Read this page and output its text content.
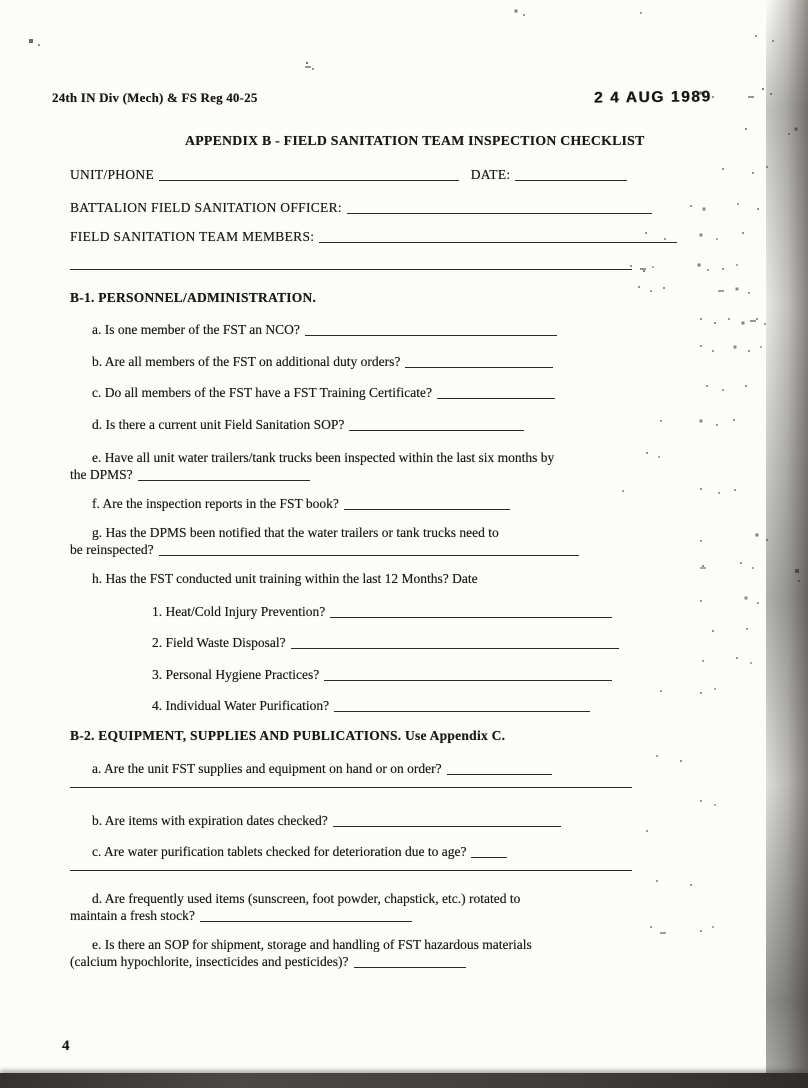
24th IN Div (Mech) & FS Reg 40-25	2 4 AUG 1989
APPENDIX B - FIELD SANITATION TEAM INSPECTION CHECKLIST
UNIT/PHONE	DATE:
BATTALION FIELD SANITATION OFFICER:
FIELD SANITATION TEAM MEMBERS:
B-1. PERSONNEL/ADMINISTRATION.
a. Is one member of the FST an NCO?
b. Are all members of the FST on additional duty orders?
c. Do all members of the FST have a FST Training Certificate?
d. Is there a current unit Field Sanitation SOP?
e. Have all unit water trailers/tank trucks been inspected within the last six months by
the DPMS?
f. Are the inspection reports in the FST book?
g. Has the DPMS been notified that the water trailers or tank trucks need to
be reinspected?
h. Has the FST conducted unit training within the last 12 Months? Date
1. Heat/Cold Injury Prevention?
2. Field Waste Disposal?
3. Personal Hygiene Practices?
4. Individual Water Purification?
B-2. EQUIPMENT, SUPPLIES AND PUBLICATIONS. Use Appendix C.
a. Are the unit FST supplies and equipment on hand or on order?
b. Are items with expiration dates checked?
c. Are water purification tablets checked for deterioration due to age?
d. Are frequently used items (sunscreen, foot powder, chapstick, etc.) rotated to
maintain a fresh stock?
e. Is there an SOP for shipment, storage and handling of FST hazardous materials
(calcium hypochlorite, insecticides and pesticides)?
4
